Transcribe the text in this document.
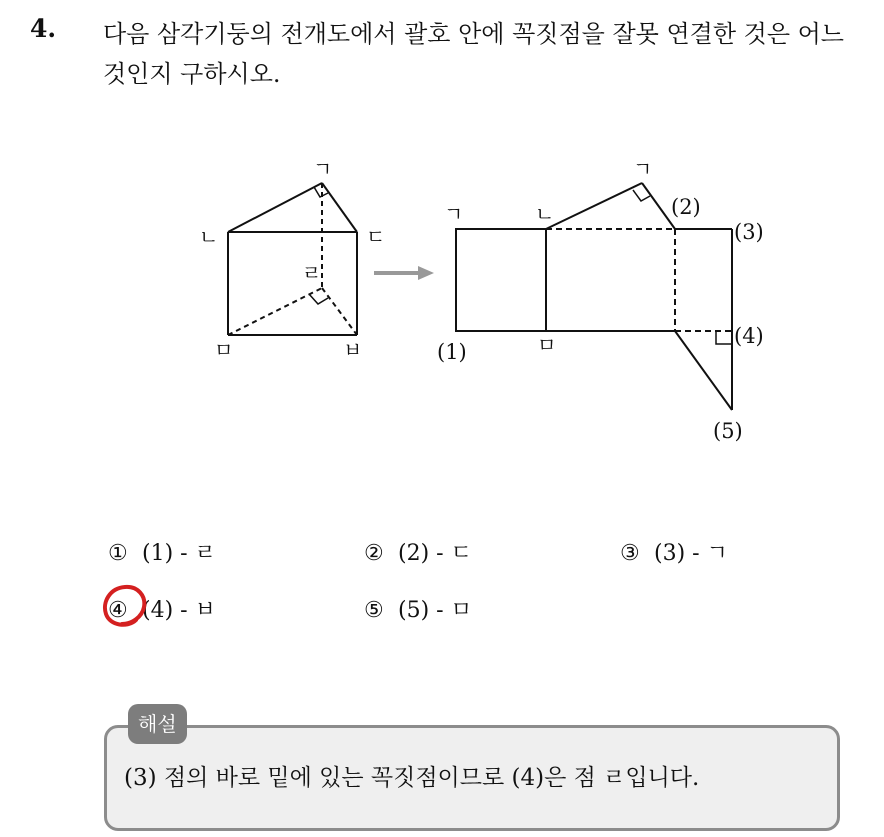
4. 다음 삼각기둥의 전개도에서 괄호 안에 꼭짓점을 잘못 연결한 것은 어느 것인지 구하시오.
ㄱ
ㄴ	ㄷ
ㄹ
ㅁ	ㅂ
ㄱ	ㄴ
ㄱ
ㅁ
(1)
(2)
(3)
(4)
(5)
① (1) - ㄹ	② (2) - ㄷ	③ (3) - ㄱ
④ (4) - ㅂ	⑤ (5) - ㅁ
해설
(3) 점의 바로 밑에 있는 꼭짓점이므로 (4)은 점 ㄹ입니다.
